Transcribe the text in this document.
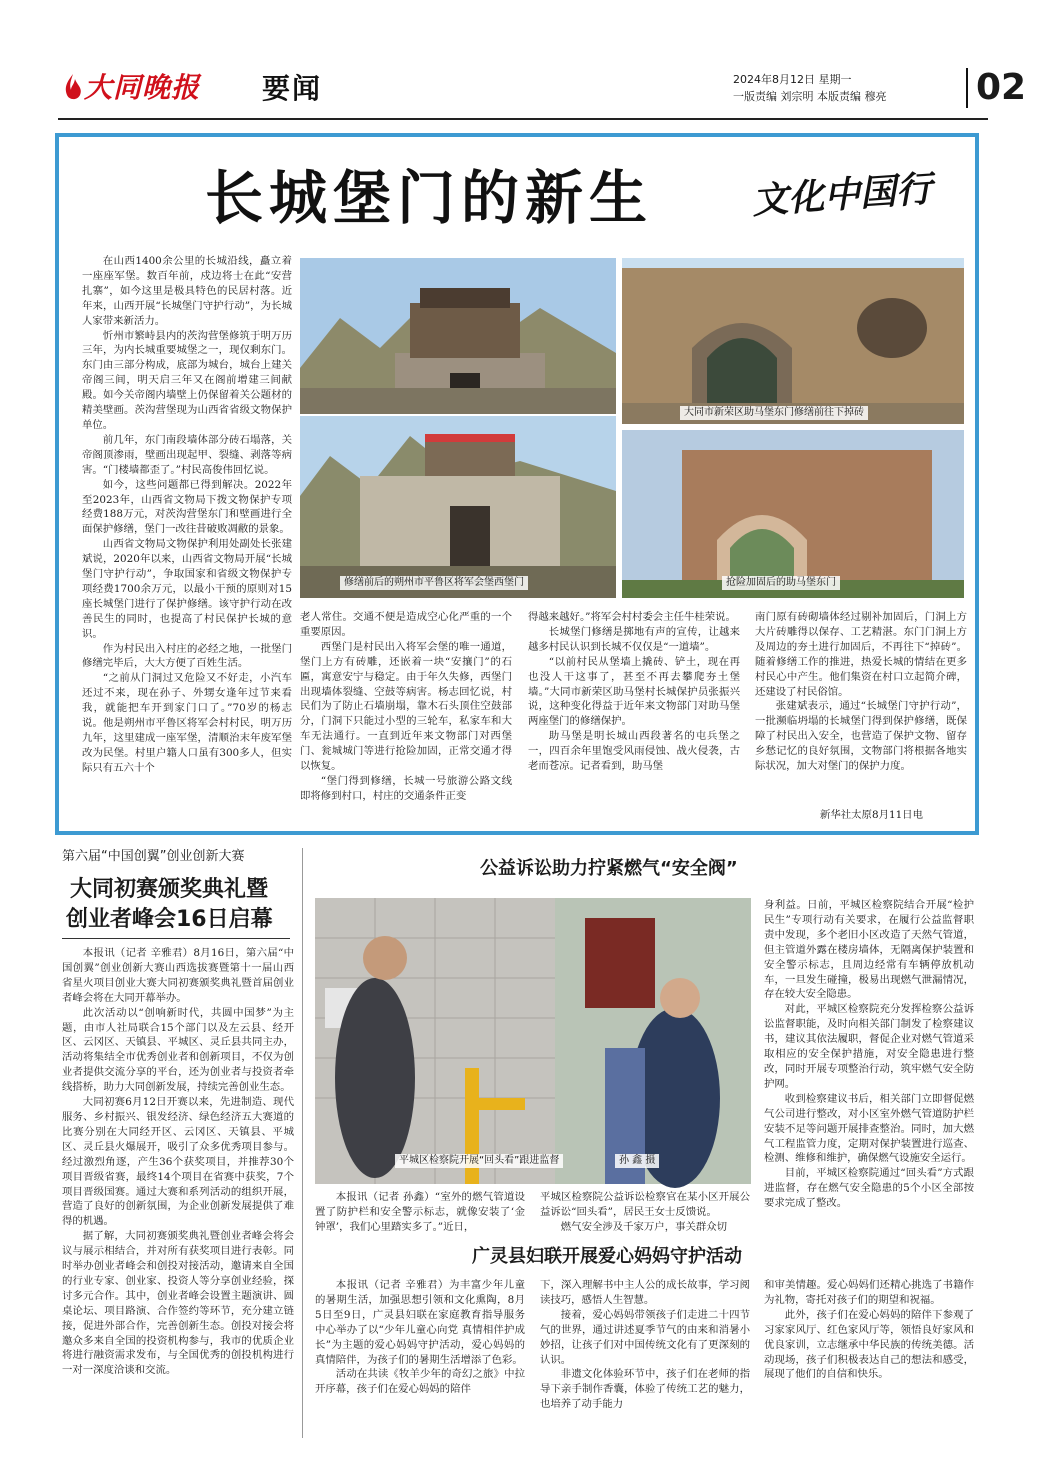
大同晚报	要闻	2024年8月12日 星期一
一版责编 刘宗明 本版责编 穆亮 02
长城堡门的新生	文化中国行

在山西1400余公里的长城沿线，矗立着一座座军堡。数百年前，戍边将士在此“安营扎寨”，如今这里是极具特色的民居村落。近年来，山西开展“长城堡门守护行动”，为长城人家带来新活力。

忻州市繁峙县内的茨沟营堡修筑于明万历三年，为内长城重要城堡之一，现仅剩东门。东门由三部分构成，底部为城台，城台上建关帝阁三间，明天启三年又在阁前增建三间献殿。如今关帝阁内墙壁上仍保留着关公题材的精美壁画。茨沟营堡现为山西省省级文物保护单位。

前几年，东门南段墙体部分砖石塌落，关帝阁顶渗雨，壁画出现起甲、裂缝、剥落等病害。“门楼墙都歪了。”村民高俊伟回忆说。

如今，这些问题都已得到解决。2022年至2023年，山西省文物局下拨文物保护专项经费188万元，对茨沟营堡东门和壁画进行全面保护修缮，堡门一改往昔破败凋敝的景象。

山西省文物局文物保护利用处副处长张建斌说，2020年以来，山西省文物局开展“长城堡门守护行动”，争取国家和省级文物保护专项经费1700余万元，以最小干预的原则对15座长城堡门进行了保护修缮。该守护行动在改善民生的同时，也提高了村民保护长城的意识。

作为村民出入村庄的必经之地，一批堡门修缮完毕后，大大方便了百姓生活。

“之前从门洞过又危险又不好走，小汽车还过不来，现在孙子、外甥女逢年过节来看我，就能把车开到家门口了。”70岁的杨志说。他是朔州市平鲁区将军会村村民，明万历九年，这里建成一座军堡，清顺治末年废军堡改为民堡。村里户籍人口虽有300多人，但实际只有五六十个

修缮前后的朔州市平鲁区将军会堡西堡门
大同市新荣区助马堡东门修缮前往下掉砖
抢险加固后的助马堡东门

老人常住。交通不便是造成空心化严重的一个重要原因。

西堡门是村民出入将军会堡的唯一通道，堡门上方有砖雕，还嵌着一块“安攘门”的石匾，寓意安宁与稳定。由于年久失修，西堡门出现墙体裂缝、空鼓等病害。杨志回忆说，村民们为了防止石墙崩塌，靠木石头顶住空鼓部分，门洞下只能过小型的三轮车，私家车和大车无法通行。一直到近年来文物部门对西堡门、瓮城城门等进行抢险加固，正常交通才得以恢复。

“堡门得到修缮，长城一号旅游公路文线即将修到村口，村庄的交通条件正变

得越来越好。”将军会村村委会主任牛桂荣说。

长城堡门修缮是掷地有声的宣传，让越来越多村民认识到长城不仅仅是“一道墙”。

“以前村民从堡墙上撬砖、铲土，现在再也没人干这事了，甚至不再去攀爬夯土堡墙。”大同市新荣区助马堡村长城保护员张振兴说，这种变化得益于近年来文物部门对助马堡两座堡门的修缮保护。

助马堡是明长城山西段著名的屯兵堡之一，四百余年里饱受风雨侵蚀、战火侵袭，古老而苍凉。记者看到，助马堡

南门原有砖砌墙体经过剔补加固后，门洞上方大片砖雕得以保存、工艺精湛。东门门洞上方及周边的夯土进行加固后，不再往下“掉砖”。随着修缮工作的推进，热爱长城的情结在更多村民心中产生。他们集资在村口立起简介碑，还建设了村民俗馆。

张建斌表示，通过“长城堡门守护行动”，一批濒临坍塌的长城堡门得到保护修缮，既保障了村民出入安全，也营造了保护文物、留存乡愁记忆的良好氛围，文物部门将根据各地实际状况，加大对堡门的保护力度。

新华社太原8月11日电
第六届“中国创翼”创业创新大赛
大同初赛颁奖典礼暨
创业者峰会16日启幕

本报讯（记者 辛雅君）8月16日，第六届“中国创翼”创业创新大赛山西选拔赛暨第十一届山西省星火项目创业大赛大同初赛颁奖典礼暨首届创业者峰会将在大同开幕举办。

此次活动以“创响新时代，共圆中国梦”为主题，由市人社局联合15个部门以及左云县、经开区、云冈区、天镇县、平城区、灵丘县共同主办，活动将集结全市优秀创业者和创新项目，不仅为创业者提供交流分享的平台，还为创业者与投资者牵线搭桥，助力大同创新发展，持续完善创业生态。

大同初赛6月12日开赛以来，先进制造、现代服务、乡村振兴、银发经济、绿色经济五大赛道的比赛分别在大同经开区、云冈区、天镇县、平城区、灵丘县火爆展开，吸引了众多优秀项目参与。经过激烈角逐，产生36个获奖项目，并推荐30个项目晋级省赛，最终14个项目在省赛中获奖，7个项目晋级国赛。通过大赛和系列活动的组织开展，营造了良好的创新氛围，为企业创新发展提供了难得的机遇。

据了解，大同初赛颁奖典礼暨创业者峰会将会议与展示相结合，并对所有获奖项目进行表彰。同时举办创业者峰会和创投对接活动，邀请来自全国的行业专家、创业家、投资人等分享创业经验，探讨多元合作。其中，创业者峰会设置主题演讲、圆桌论坛、项目路演、合作签约等环节，充分建立链接，促进外部合作，完善创新生态。创投对接会将邀众多来自全国的投资机构参与，我市的优质企业将进行融资需求发布，与全国优秀的创投机构进行一对一深度洽谈和交流。

公益诉讼助力拧紧燃气“安全阀”
平城区检察院开展“回头看”跟进监督	孙 鑫 摄

本报讯（记者 孙鑫）“室外的燃气管道设置了防护栏和安全警示标志，就像安装了‘金钟罩’，我们心里踏实多了。”近日，

平城区检察院公益诉讼检察官在某小区开展公益诉讼“回头看”，居民王女士反馈说。

燃气安全涉及千家万户，事关群众切

身利益。日前，平城区检察院结合开展“检护民生”专项行动有关要求，在履行公益监督职责中发现，多个老旧小区改造了天然气管道，但主管道外露在楼房墙体，无隔离保护装置和安全警示标志，且周边经常有车辆停放机动车，一旦发生碰撞，极易出现燃气泄漏情况，存在较大安全隐患。

对此，平城区检察院充分发挥检察公益诉讼监督职能，及时向相关部门制发了检察建议书，建议其依法履职，督促企业对燃气管道采取相应的安全保护措施，对安全隐患进行整改，同时开展专项整治行动，筑牢燃气安全防护网。

收到检察建议书后，相关部门立即督促燃气公司进行整改，对小区室外燃气管道防护栏安装不足等问题开展排查整治。同时，加大燃气工程监管力度，定期对保护装置进行巡查、检测、维修和维护，确保燃气设施安全运行。

目前，平城区检察院通过“回头看”方式跟进监督，存在燃气安全隐患的5个小区全部按要求完成了整改。

广灵县妇联开展爱心妈妈守护活动

本报讯（记者 辛雅君）为丰富少年儿童的暑期生活，加强思想引领和文化熏陶，8月5日至9日，广灵县妇联在家庭教育指导服务中心举办了以“少年儿童心向党 真情相伴护成长”为主题的爱心妈妈守护活动，爱心妈妈的真情陪伴，为孩子们的暑期生活增添了色彩。

活动在共读《牧羊少年的奇幻之旅》中拉开序幕，孩子们在爱心妈妈的陪伴

下，深入理解书中主人公的成长故事，学习阅读技巧，感悟人生智慧。

接着，爱心妈妈带领孩子们走进二十四节气的世界，通过讲述夏季节气的由来和消暑小妙招，让孩子们对中国传统文化有了更深刻的认识。

非遗文化体验环节中，孩子们在老师的指导下亲手制作香囊，体验了传统工艺的魅力，也培养了动手能力

和审美情趣。爱心妈妈们还精心挑选了书籍作为礼物，寄托对孩子们的期望和祝福。

此外，孩子们在爱心妈妈的陪伴下参观了习家家风厅、红色家风厅等，领悟良好家风和优良家训，立志继承中华民族的传统美德。活动现场，孩子们积极表达自己的想法和感受，展现了他们的自信和快乐。
